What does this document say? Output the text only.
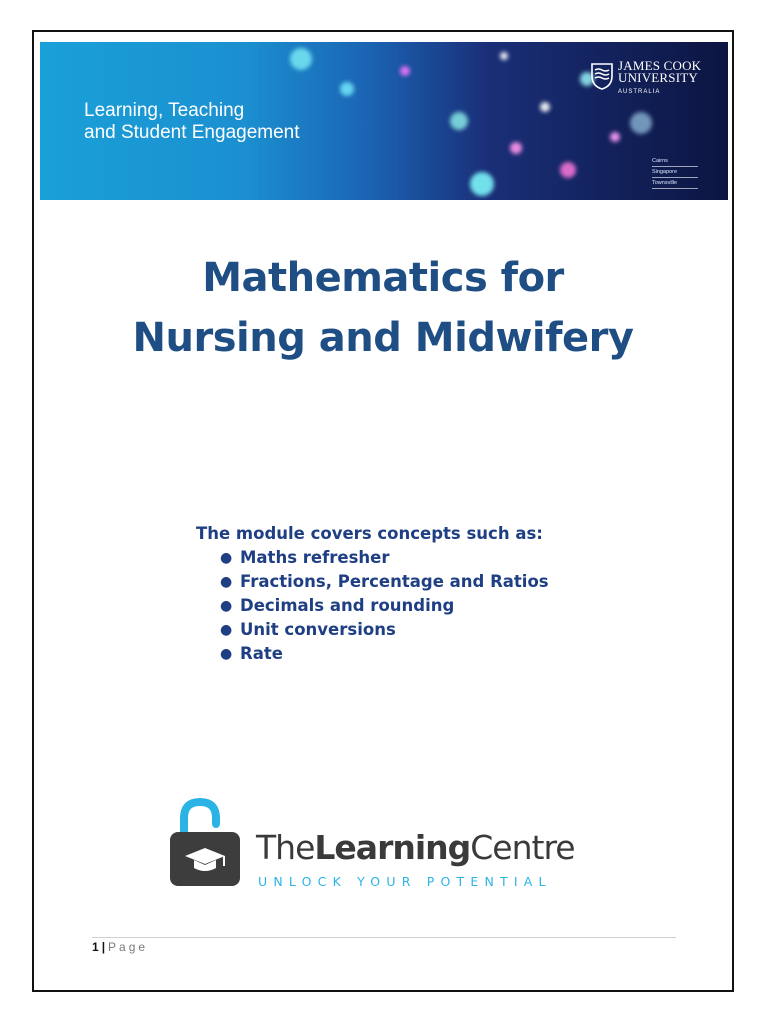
Learning, Teaching
and Student Engagement
JAMES COOK
UNIVERSITY
AUSTRALIA
Cairns
Singapore
Townsville
Mathematics for
Nursing and Midwifery
The module covers concepts such as:
● Maths refresher
● Fractions, Percentage and Ratios
● Decimals and rounding
● Unit conversions
● Rate
TheLearningCentre
UNLOCK YOUR POTENTIAL
1 | Page
